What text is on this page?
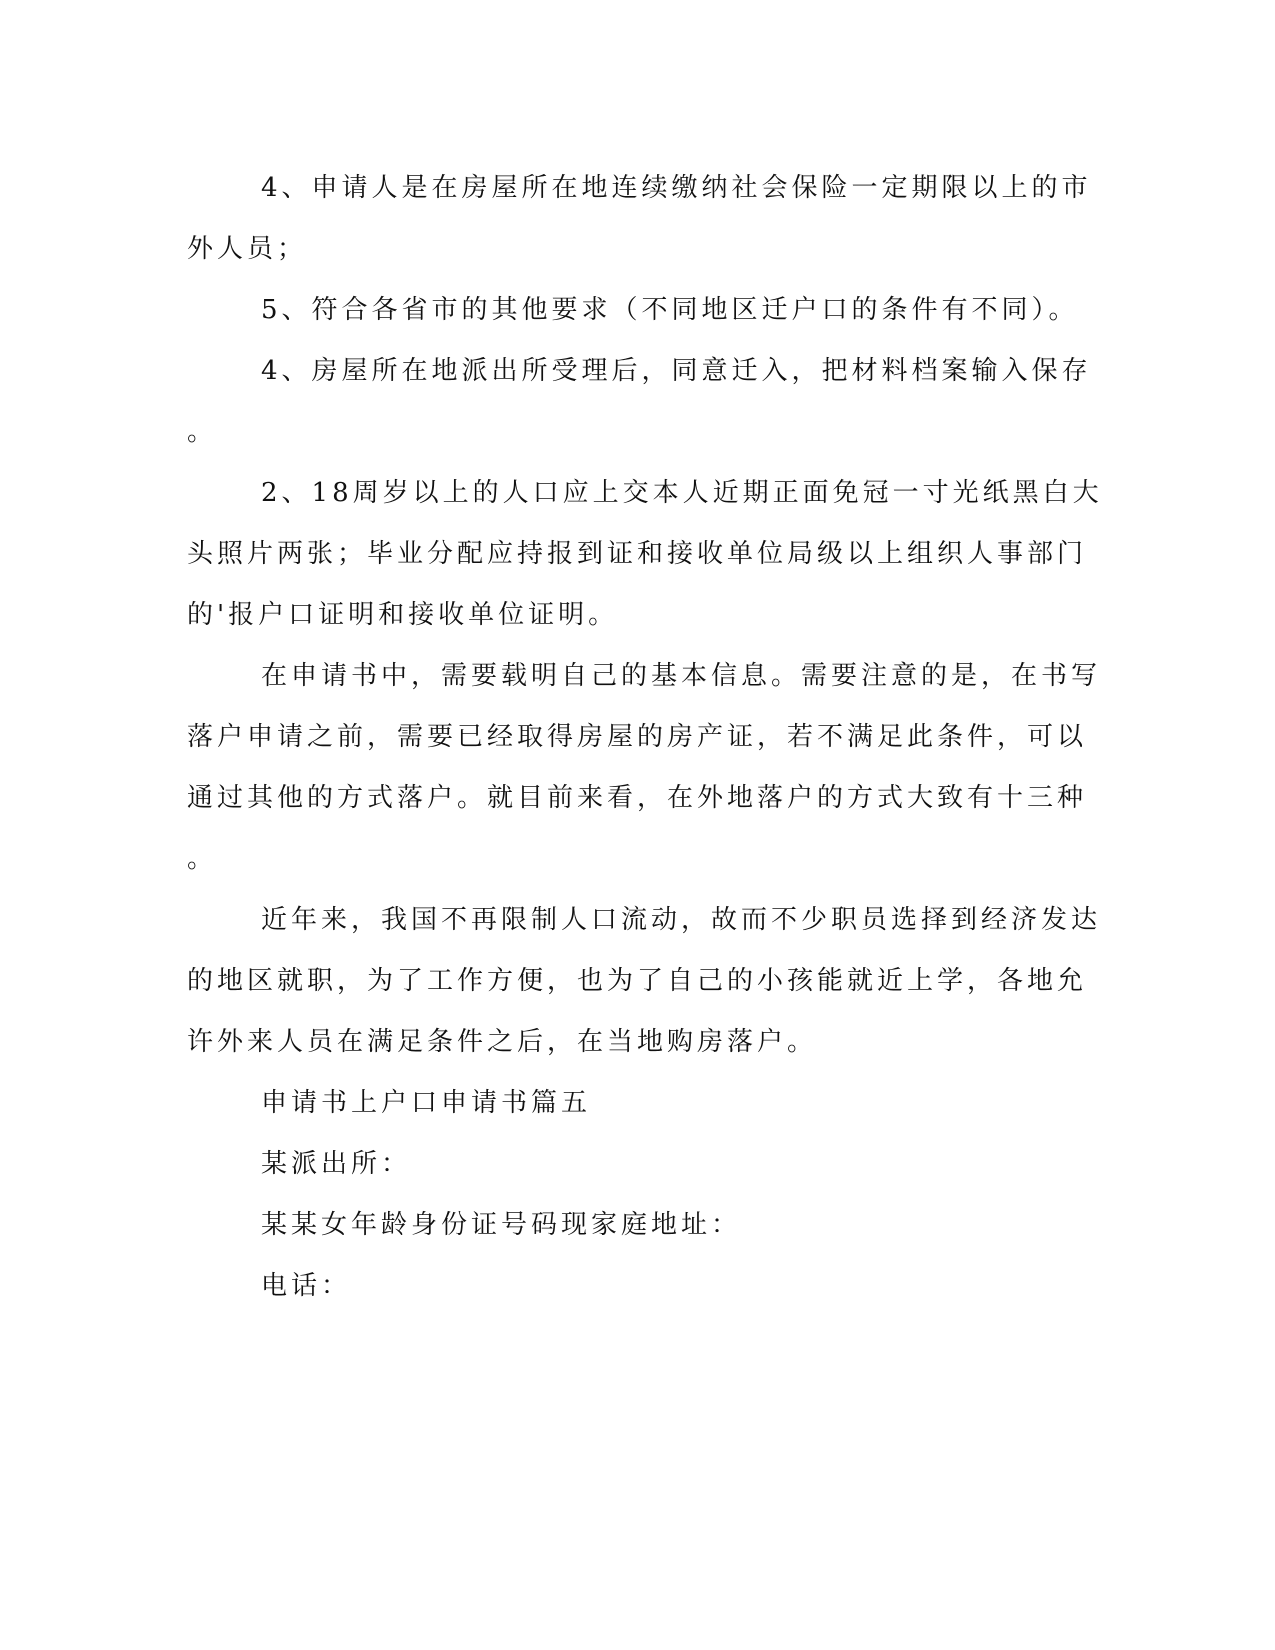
4、申请人是在房屋所在地连续缴纳社会保险一定期限以上的市

外人员；

5、符合各省市的其他要求（不同地区迁户口的条件有不同）。

4、房屋所在地派出所受理后，同意迁入，把材料档案输入保存

。

2、18周岁以上的人口应上交本人近期正面免冠一寸光纸黑白大

头照片两张；毕业分配应持报到证和接收单位局级以上组织人事部门

的'报户口证明和接收单位证明。

在申请书中，需要载明自己的基本信息。需要注意的是，在书写

落户申请之前，需要已经取得房屋的房产证，若不满足此条件，可以

通过其他的方式落户。就目前来看，在外地落户的方式大致有十三种

。

近年来，我国不再限制人口流动，故而不少职员选择到经济发达

的地区就职，为了工作方便，也为了自己的小孩能就近上学，各地允

许外来人员在满足条件之后，在当地购房落户。

申请书上户口申请书篇五

某派出所：

某某女年龄身份证号码现家庭地址：

电话：
